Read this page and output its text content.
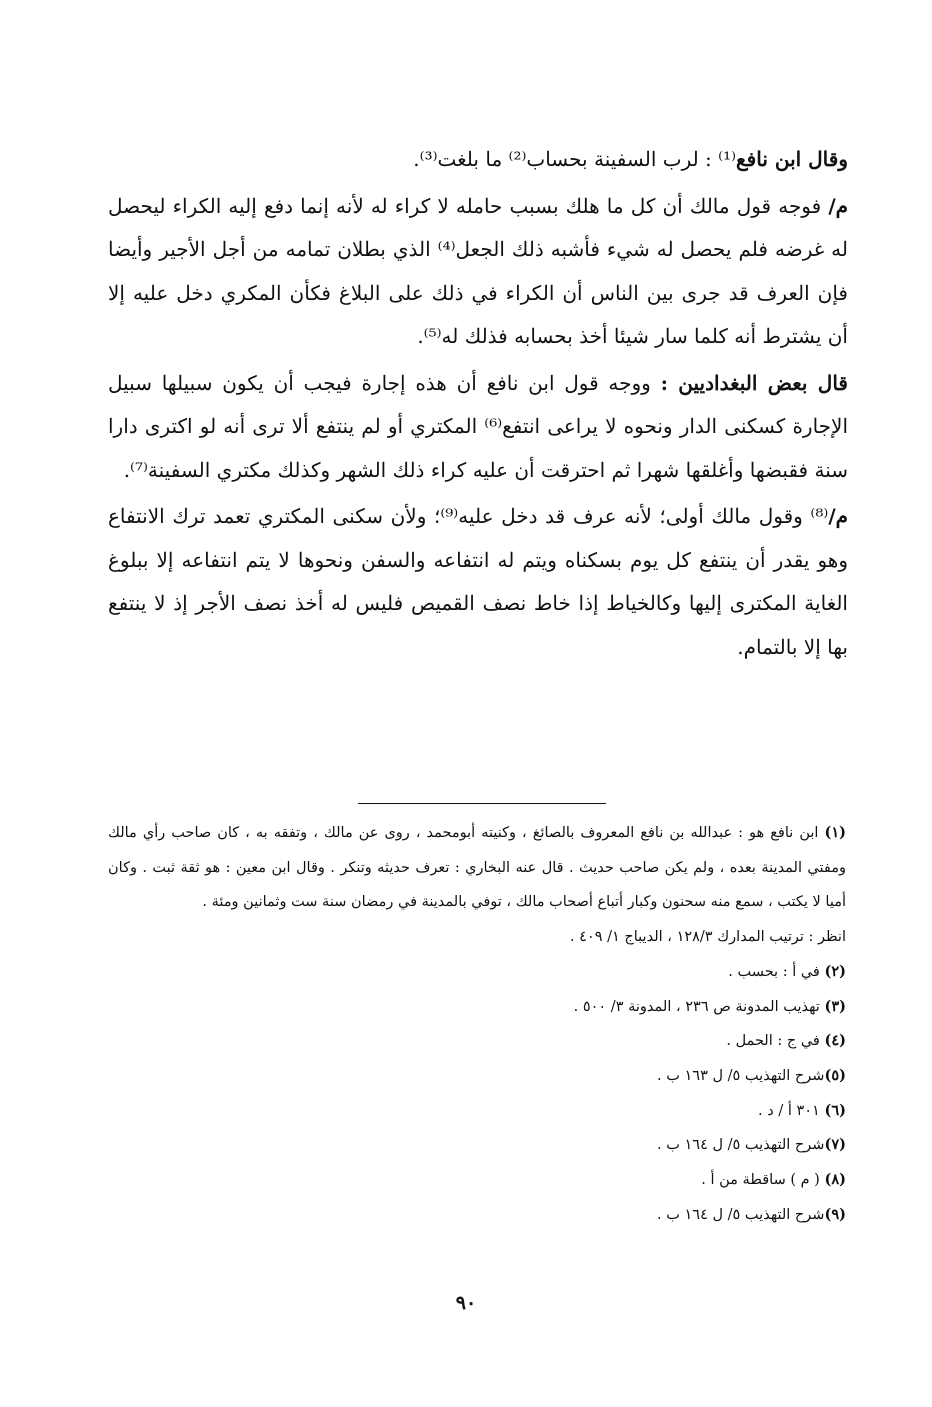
وقال ابن نافع⁽¹⁾ : لرب السفينة بحساب⁽²⁾ ما بلغت⁽³⁾.

م/ فوجه قول مالك أن كل ما هلك بسبب حامله لا كراء له لأنه إنما دفع إليه الكراء ليحصل له غرضه فلم يحصل له شيء فأشبه ذلك الجعل⁽⁴⁾ الذي بطلان تمامه من أجل الأجير وأيضا فإن العرف قد جرى بين الناس أن الكراء في ذلك على البلاغ فكأن المكري دخل عليه إلا أن يشترط أنه كلما سار شيئا أخذ بحسابه فذلك له⁽⁵⁾.

قال بعض البغداديين : ووجه قول ابن نافع أن هذه إجارة فيجب أن يكون سبيلها سبيل الإجارة كسكنى الدار ونحوه لا يراعى انتفع⁽⁶⁾ المكتري أو لم ينتفع ألا ترى أنه لو اكترى دارا سنة فقبضها وأغلقها شهرا ثم احترقت أن عليه كراء ذلك الشهر وكذلك مكتري السفينة⁽⁷⁾.

م/⁽⁸⁾ وقول مالك أولى؛ لأنه عرف قد دخل عليه⁽⁹⁾؛ ولأن سكنى المكتري تعمد ترك الانتفاع وهو يقدر أن ينتفع كل يوم بسكناه ويتم له انتفاعه والسفن ونحوها لا يتم انتفاعه إلا ببلوغ الغاية المكترى إليها وكالخياط إذا خاط نصف القميص فليس له أخذ نصف الأجر إذ لا ينتفع بها إلا بالتمام.

(١) ابن نافع هو : عبدالله بن نافع المعروف بالصائغ ، وكنيته أبومحمد ، روى عن مالك ، وتفقه به ، كان صاحب رأي مالك ومفتي المدينة بعده ، ولم يكن صاحب حديث . قال عنه البخاري : تعرف حديثه وتنكر . وقال ابن معين : هو ثقة ثبت . وكان أميا لا يكتب ، سمع منه سحنون وكبار أتباع أصحاب مالك ، توفي بالمدينة في رمضان سنة ست وثمانين ومئة .
انظر : ترتيب المدارك ١٢٨/٣ ، الديباج ١/ ٤٠٩ .
(٢) في أ : بحسب .
(٣) تهذيب المدونة ص ٢٣٦ ، المدونة ٣/ ٥٠٠ .
(٤) في ج : الحمل .
(٥)شرح التهذيب ٥/ ل ١٦٣ ب .
(٦) ٣٠١ أ / د .
(٧)شرح التهذيب ٥/ ل ١٦٤ ب .
(٨) ( م ) ساقطة من أ .
(٩)شرح التهذيب ٥/ ل ١٦٤ ب .
٩٠
